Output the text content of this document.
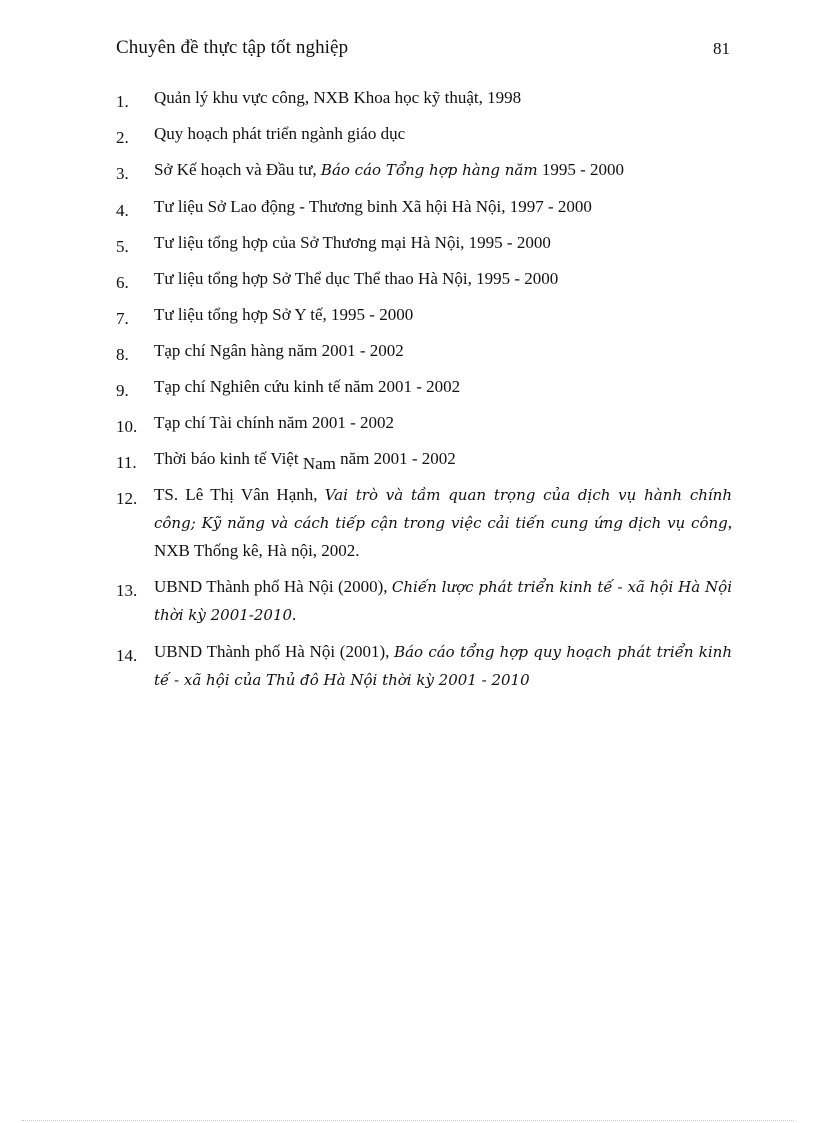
Chuyên đề thực tập tốt nghiệp	81
1. Quản lý khu vực công, NXB Khoa học kỹ thuật, 1998
2. Quy hoạch phát triển ngành giáo dục
3. Sở Kế hoạch và Đầu tư, Báo cáo Tổng hợp hàng năm 1995 - 2000
4. Tư liệu Sở Lao động - Thương binh Xã hội Hà Nội, 1997 - 2000
5. Tư liệu tổng hợp của Sở Thương mại Hà Nội, 1995 - 2000
6. Tư liệu tổng hợp Sở Thể dục Thể thao Hà Nội, 1995 - 2000
7. Tư liệu tổng hợp Sở Y tế, 1995 - 2000
8. Tạp chí Ngân hàng năm 2001 - 2002
9. Tạp chí Nghiên cứu kinh tế năm 2001 - 2002
10. Tạp chí Tài chính năm 2001 - 2002
11. Thời báo kinh tế Việt Nam năm 2001 - 2002
12. TS. Lê Thị Vân Hạnh, Vai trò và tầm quan trọng của dịch vụ hành chính công; Kỹ năng và cách tiếp cận trong việc cải tiến cung ứng dịch vụ công, NXB Thống kê, Hà nội, 2002.
13. UBND Thành phố Hà Nội (2000), Chiến lược phát triển kinh tế - xã hội Hà Nội thời kỳ 2001-2010.
14. UBND Thành phố Hà Nội (2001), Báo cáo tổng hợp quy hoạch phát triển kinh tế - xã hội của Thủ đô Hà Nội thời kỳ 2001 - 2010
